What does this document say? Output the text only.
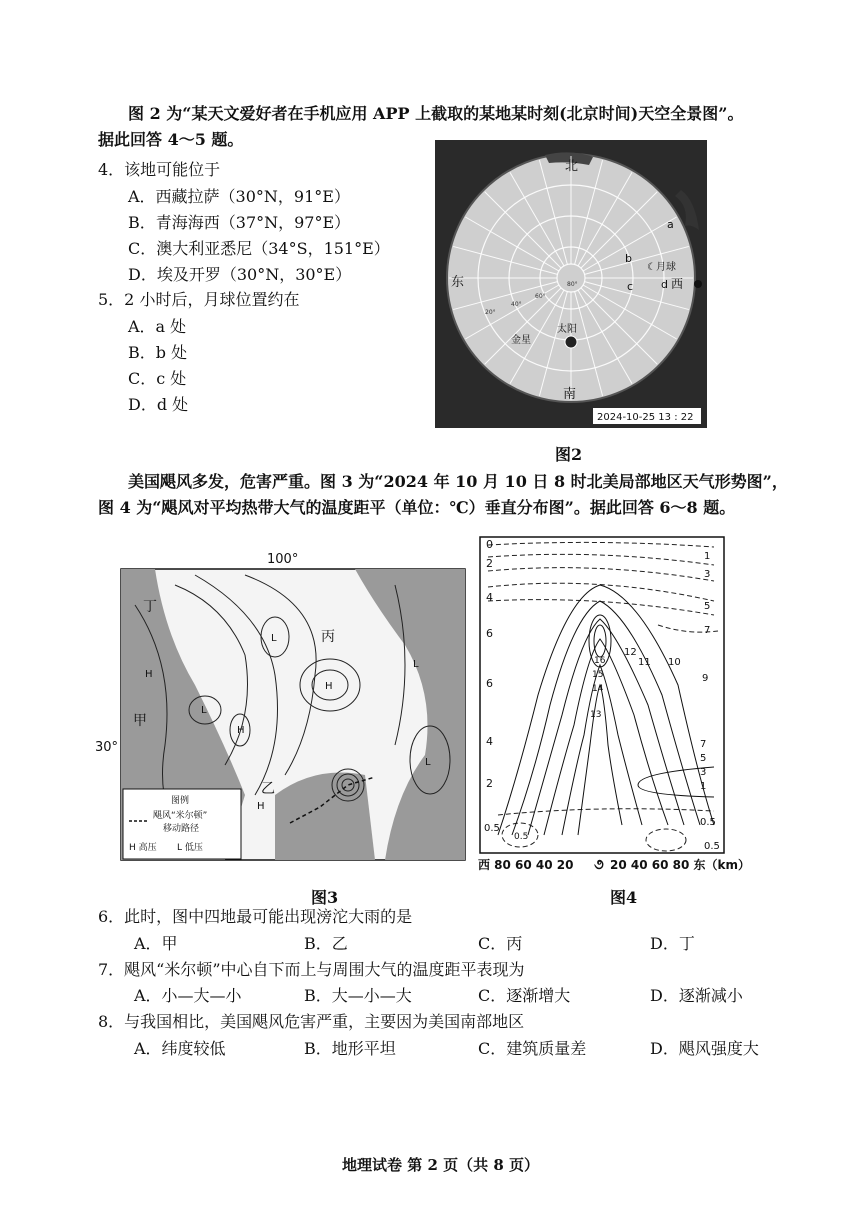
图 2 为“某天文爱好者在手机应用 APP 上截取的某地某时刻(北京时间)天空全景图”。
据此回答 4～5 题。
4．该地可能位于
A．西藏拉萨（30°N，91°E）
B．青海海西（37°N，97°E）
C．澳大利亚悉尼（34°S，151°E）
D．埃及开罗（30°N，30°E）
5．2 小时后，月球位置约在
A．a 处
B．b 处
C．c 处
D．d 处
北
南
东	西
d
a
b
c
☾月球
80°
60°
40°
20°
太阳
金星
2024-10-25 13 : 22
图2
美国飓风多发，危害严重。图 3 为“2024 年 10 月 10 日 8 时北美局部地区天气形势图”，
图 4 为“飓风对平均热带大气的温度距平（单位：℃）垂直分布图”。据此回答 6～8 题。
100°
30°
丁
甲
乙
丙
H
H
H
H
L
L
L
L
图例
飓风“米尔顿”
移动路径
H 高压 L 低压
图3
0
2
4
6
6
4
2
0.5
1
3
5
7
9
7
5
3
1
0.5
0.5
16
15
14
13
12
11 10
0.5
西 80 60 40 20 ૭ 20 40 60 80 东（km）
图4
6．此时，图中四地最可能出现滂沱大雨的是
A．甲	B．乙	C．丙	D．丁
7．飓风“米尔顿”中心自下而上与周围大气的温度距平表现为
A．小—大—小	B．大—小—大	C．逐渐增大	D．逐渐减小
8．与我国相比，美国飓风危害严重，主要因为美国南部地区
A．纬度较低	B．地形平坦	C．建筑质量差	D．飓风强度大
地理试卷 第 2 页（共 8 页）
